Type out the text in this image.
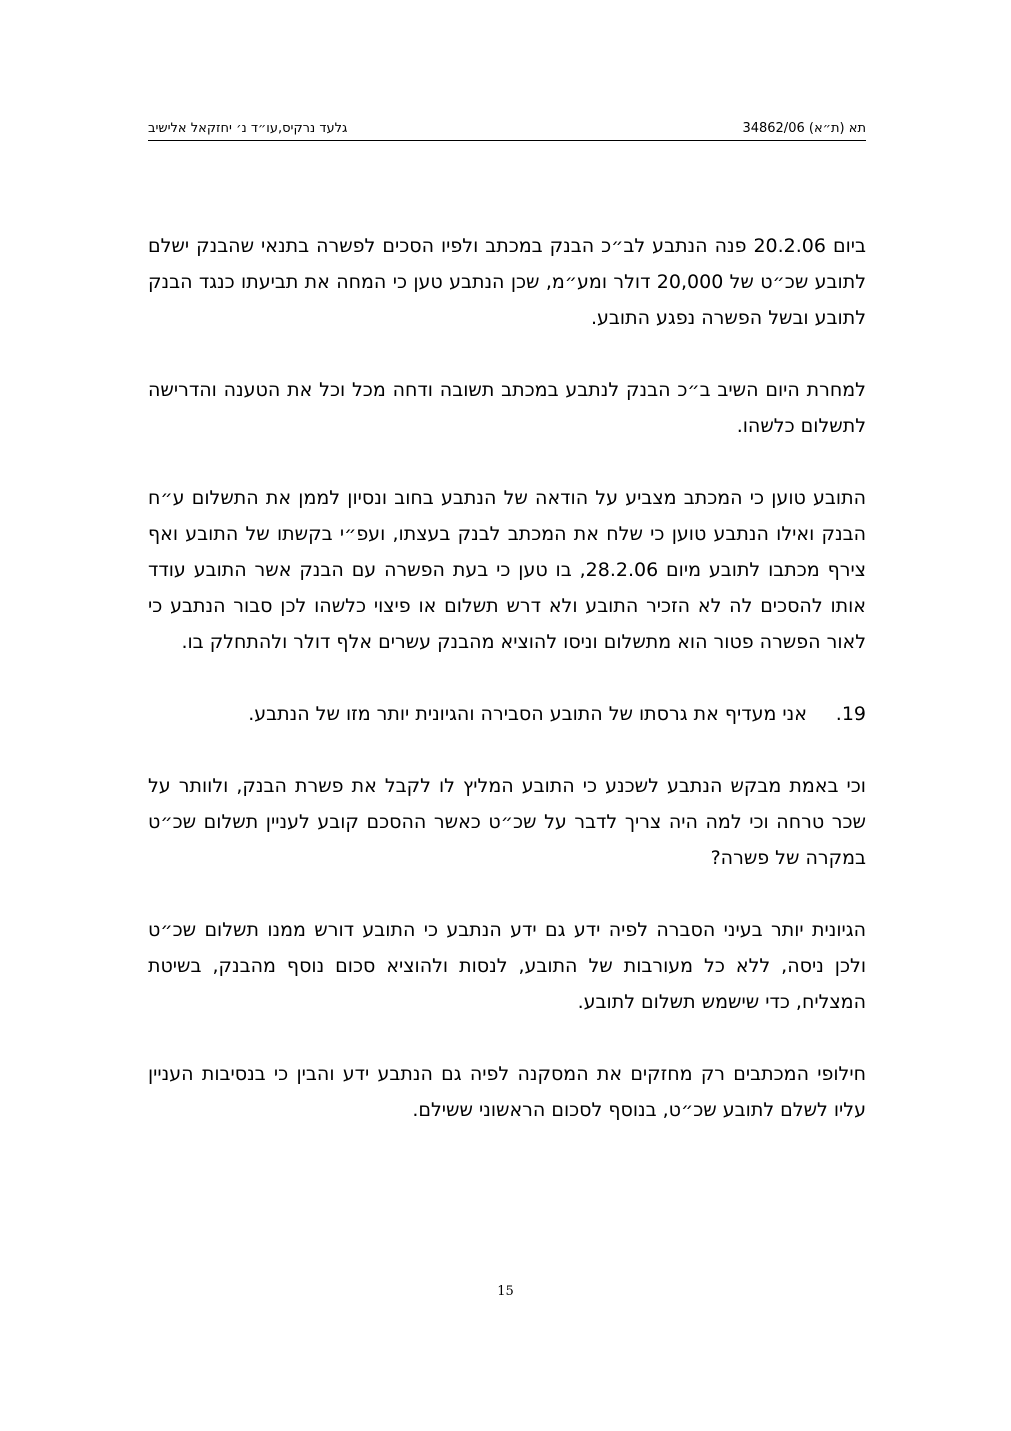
תא (ת״א) 34862/06
גלעד נרקיס,עו״ד נ׳ יחזקאל אלישיב

ביום 20.2.06 פנה הנתבע לב״כ הבנק במכתב ולפיו הסכים לפשרה בתנאי שהבנק ישלם לתובע שכ״ט של 20,000 דולר ומע״מ, שכן הנתבע טען כי המחה את תביעתו כנגד הבנק לתובע ובשל הפשרה נפגע התובע.

למחרת היום השיב ב״כ הבנק לנתבע במכתב תשובה ודחה מכל וכל את הטענה והדרישה לתשלום כלשהו.

התובע טוען כי המכתב מצביע על הודאה של הנתבע בחוב ונסיון לממן את התשלום ע״ח הבנק ואילו הנתבע טוען כי שלח את המכתב לבנק בעצתו, ועפ״י בקשתו של התובע ואף צירף מכתבו לתובע מיום 28.2.06, בו טען כי בעת הפשרה עם הבנק אשר התובע עודד אותו להסכים לה לא הזכיר התובע ולא דרש תשלום או פיצוי כלשהו לכן סבור הנתבע כי לאור הפשרה פטור הוא מתשלום וניסו להוציא מהבנק עשרים אלף דולר ולהתחלק בו.

19.
אני מעדיף את גרסתו של התובע הסבירה והגיונית יותר מזו של הנתבע.

וכי באמת מבקש הנתבע לשכנע כי התובע המליץ לו לקבל את פשרת הבנק, ולוותר על שכר טרחה וכי למה היה צריך לדבר על שכ״ט כאשר ההסכם קובע לעניין תשלום שכ״ט במקרה של פשרה?

הגיונית יותר בעיני הסברה לפיה ידע גם ידע הנתבע כי התובע דורש ממנו תשלום שכ״ט ולכן ניסה, ללא כל מעורבות של התובע, לנסות ולהוציא סכום נוסף מהבנק, בשיטת המצליח, כדי שישמש תשלום לתובע.

חילופי המכתבים רק מחזקים את המסקנה לפיה גם הנתבע ידע והבין כי בנסיבות העניין עליו לשלם לתובע שכ״ט, בנוסף לסכום הראשוני ששילם.

15
